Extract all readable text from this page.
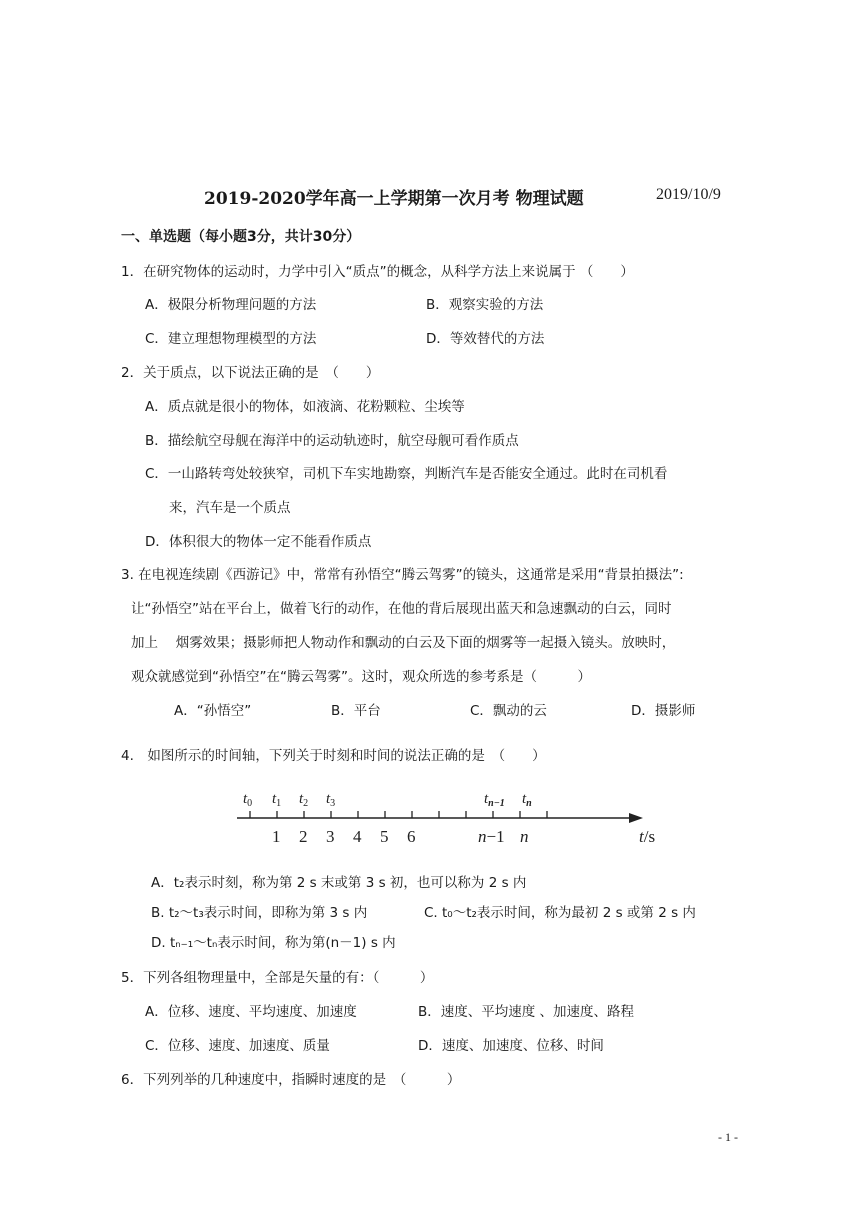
2019-2020学年高一上学期第一次月考 物理试题	2019/10/9
一、单选题（每小题3分，共计30分）
1．在研究物体的运动时，力学中引入“质点”的概念，从科学方法上来说属于 （　　）
A．极限分析物理问题的方法	B．观察实验的方法
C．建立理想物理模型的方法	D．等效替代的方法
2．关于质点，以下说法正确的是　（　　）
A．质点就是很小的物体，如液滴、花粉颗粒、尘埃等
B．描绘航空母舰在海洋中的运动轨迹时，航空母舰可看作质点
C．一山路转弯处较狭窄，司机下车实地勘察，判断汽车是否能安全通过。此时在司机看
来，汽车是一个质点
D．体积很大的物体一定不能看作质点
3. 在电视连续剧《西游记》中，常常有孙悟空“腾云驾雾”的镜头，这通常是采用“背景拍摄法”:
让“孙悟空”站在平台上，做着飞行的动作，在他的背后展现出蓝天和急速飘动的白云，同时
加上　 烟雾效果；摄影师把人物动作和飘动的白云及下面的烟雾等一起摄入镜头。放映时，
观众就感觉到“孙悟空”在“腾云驾雾”。这时，观众所选的参考系是（　　　）
A．“孙悟空”	B．平台	C．飘动的云	D．摄影师
4.　如图所示的时间轴，下列关于时刻和时间的说法正确的是　（　　）
$t_0$ $t_1$ $t_2$ $t_3$	$t_{n-1}$ $t_n$
1 2 3 4 5 6	n−1 n	t/s
A．t₂表示时刻，称为第 2 s 末或第 3 s 初，也可以称为 2 s 内
B. t₂～t₃表示时间，即称为第 3 s 内	C. t₀～t₂表示时间，称为最初 2 s 或第 2 s 内
D. tₙ₋₁～tₙ表示时间，称为第(n－1) s 内
5．下列各组物理量中，全部是矢量的有：（　　　）
A．位移、速度、平均速度、加速度	B．速度、平均速度 、加速度、路程
C．位移、速度、加速度、质量	D．速度、加速度、位移、时间
6．下列列举的几种速度中，指瞬时速度的是　（　　　）
- 1 -
